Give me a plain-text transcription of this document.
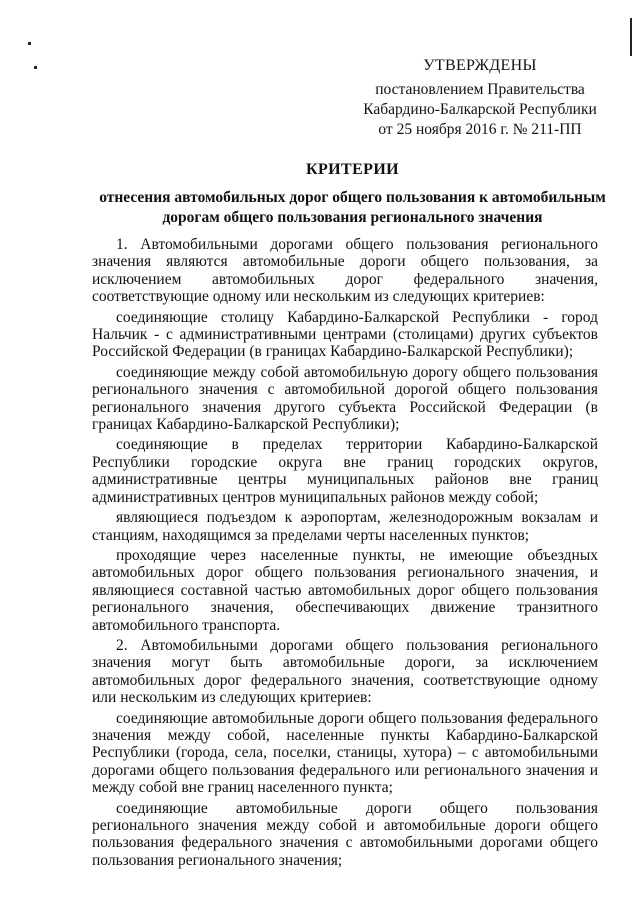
УТВЕРЖДЕНЫ
постановлением Правительства
Кабардино-Балкарской Республики
от 25 ноября 2016 г. № 211-ПП
КРИТЕРИИ
отнесения автомобильных дорог общего пользования к автомобильным
дорогам общего пользования регионального значения

1. Автомобильными дорогами общего пользования регионального значения являются автомобильные дороги общего пользования, за исключением автомобильных дорог федерального значения, соответствующие одному или нескольким из следующих критериев:

соединяющие столицу Кабардино-Балкарской Республики - город Нальчик - с административными центрами (столицами) других субъектов Российской Федерации (в границах Кабардино-Балкарской Республики);

соединяющие между собой автомобильную дорогу общего пользования регионального значения с автомобильной дорогой общего пользования регионального значения другого субъекта Российской Федерации (в границах Кабардино-Балкарской Республики);

соединяющие в пределах территории Кабардино-Балкарской Республики городские округа вне границ городских округов, административные центры муниципальных районов вне границ административных центров муниципальных районов между собой;

являющиеся подъездом к аэропортам, железнодорожным вокзалам и станциям, находящимся за пределами черты населенных пунктов;

проходящие через населенные пункты, не имеющие объездных автомобильных дорог общего пользования регионального значения, и являющиеся составной частью автомобильных дорог общего пользования регионального значения, обеспечивающих движение транзитного автомобильного транспорта.

2. Автомобильными дорогами общего пользования регионального значения могут быть автомобильные дороги, за исключением автомобильных дорог федерального значения, соответствующие одному или нескольким из следующих критериев:

соединяющие автомобильные дороги общего пользования федерального значения между собой, населенные пункты Кабардино-Балкарской Республики (города, села, поселки, станицы, хутора) – с автомобильными дорогами общего пользования федерального или регионального значения и между собой вне границ населенного пункта;

соединяющие автомобильные дороги общего пользования регионального значения между собой и автомобильные дороги общего пользования федерального значения с автомобильными дорогами общего пользования регионального значения;
